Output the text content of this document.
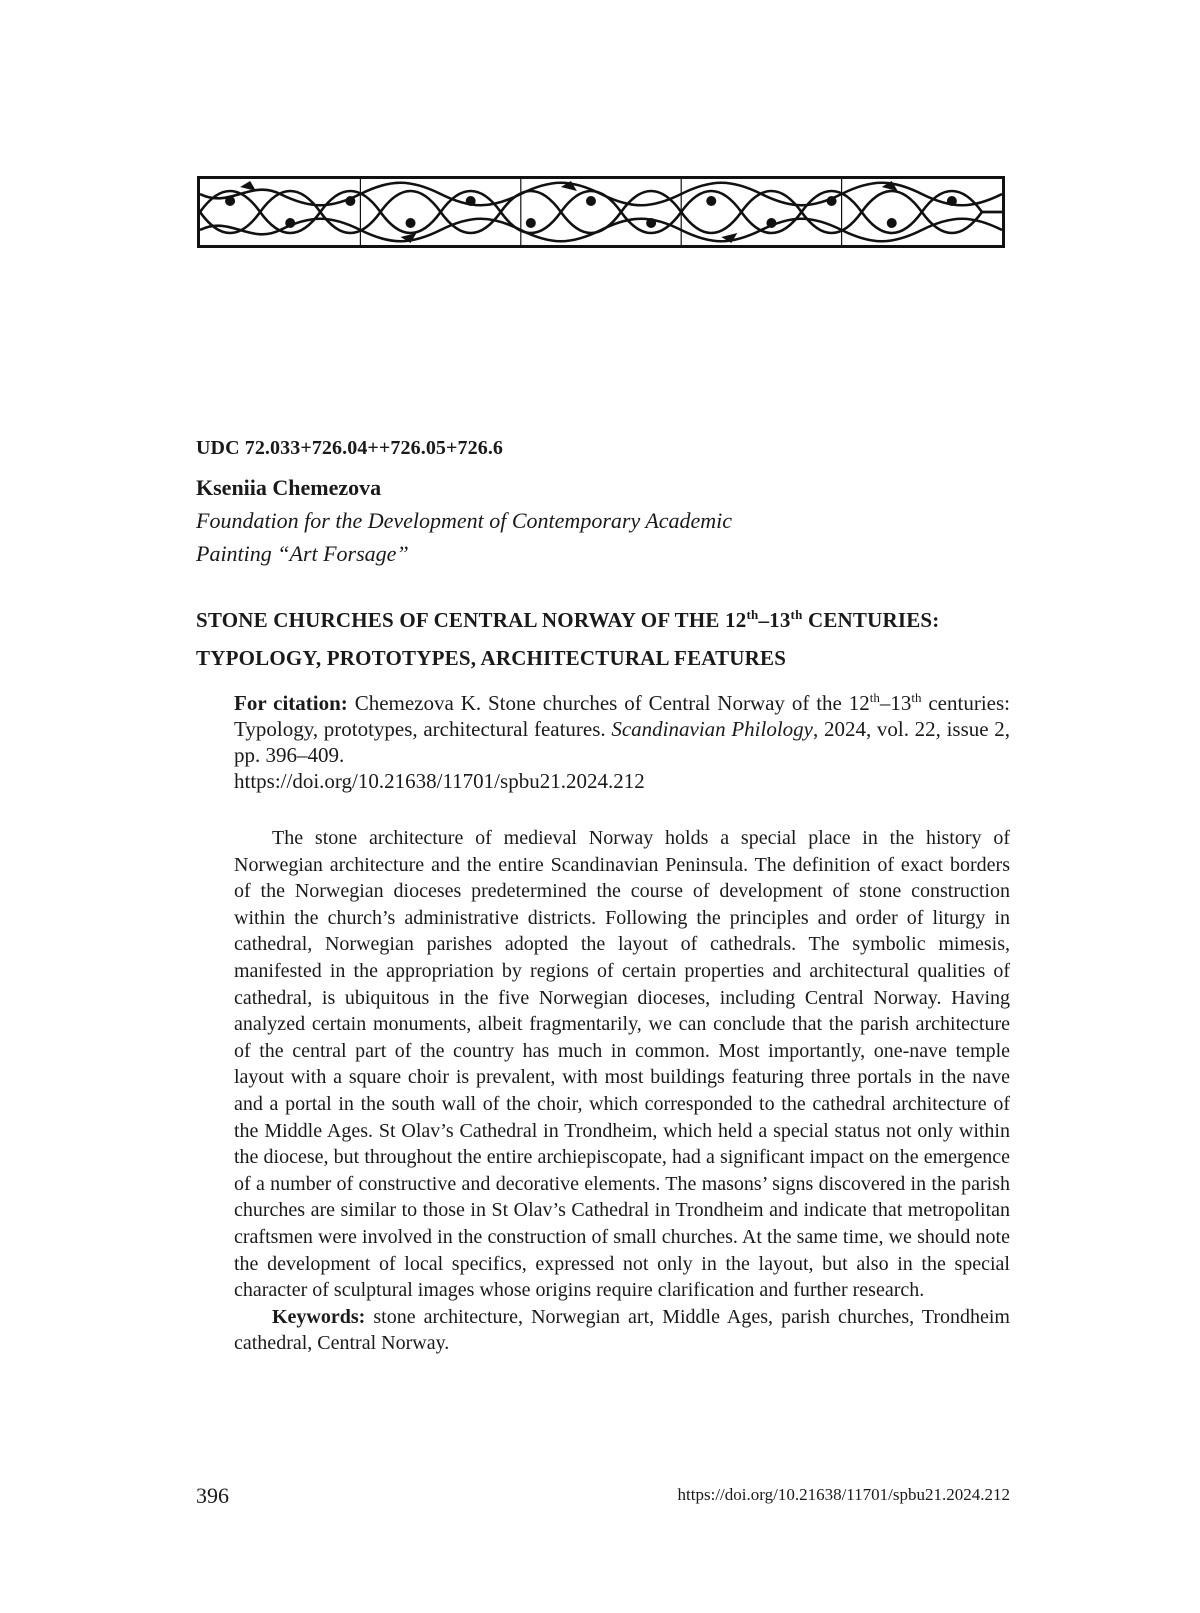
UDC 72.033+726.04++726.05+726.6
Kseniia Chemezova
Foundation for the Development of Contemporary Academic
Painting “Art Forsage”
STONE CHURCHES OF CENTRAL NORWAY OF THE 12th–13th CENTURIES:
TYPOLOGY, PROTOTYPES, ARCHITECTURAL FEATURES
For citation: Chemezova K. Stone churches of Central Norway of the 12th–13th centuries: Typology, prototypes, architectural features. Scandinavian Philology, 2024, vol. 22, issue 2, pp. 396–409.
https://doi.org/10.21638/11701/spbu21.2024.212

The stone architecture of medieval Norway holds a special place in the history of Norwegian architecture and the entire Scandinavian Peninsula. The definition of exact borders of the Norwegian dioceses predetermined the course of development of stone construction within the church’s administrative districts. Following the principles and order of liturgy in cathedral, Norwegian parishes adopted the layout of cathedrals. The symbolic mimesis, manifested in the appropriation by regions of certain properties and architectural qualities of cathedral, is ubiquitous in the five Norwegian dioceses, including Central Norway. Having analyzed certain monuments, albeit fragmentarily, we can conclude that the parish architecture of the central part of the country has much in common. Most importantly, one-nave temple layout with a square choir is prevalent, with most buildings featuring three portals in the nave and a portal in the south wall of the choir, which corresponded to the cathedral architecture of the Middle Ages. St Olav’s Cathedral in Trondheim, which held a special status not only within the diocese, but throughout the entire archiepiscopate, had a significant impact on the emergence of a number of constructive and decorative elements. The masons’ signs discovered in the parish churches are similar to those in St Olav’s Cathedral in Trondheim and indicate that metropolitan craftsmen were involved in the construction of small churches. At the same time, we should note the development of local specifics, expressed not only in the layout, but also in the special character of sculptural images whose origins require clarification and further research.

Keywords: stone architecture, Norwegian art, Middle Ages, parish churches, Trondheim cathedral, Central Norway.

396	https://doi.org/10.21638/11701/spbu21.2024.212
